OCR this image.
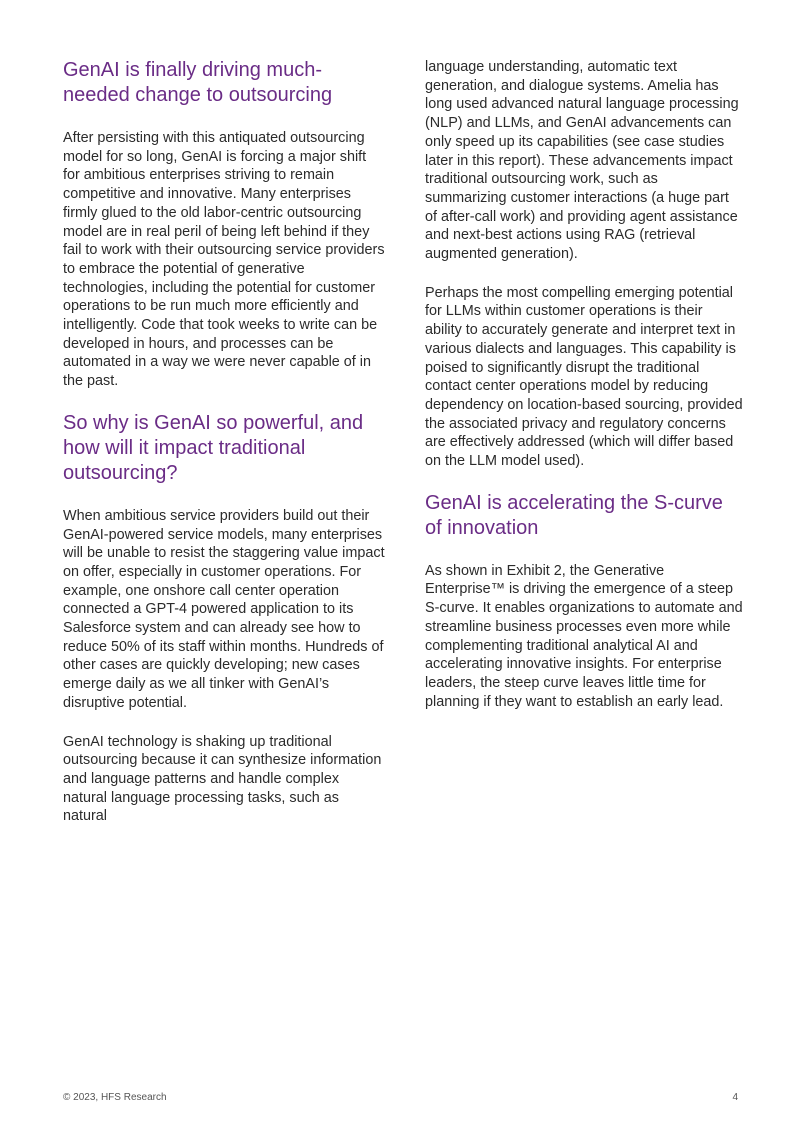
GenAI is finally driving much-needed change to outsourcing

After persisting with this antiquated outsourcing model for so long, GenAI is forcing a major shift for ambitious enterprises striving to remain competitive and innovative. Many enterprises firmly glued to the old labor-centric outsourcing model are in real peril of being left behind if they fail to work with their outsourcing service providers to embrace the potential of generative technologies, including the potential for customer operations to be run much more efficiently and intelligently. Code that took weeks to write can be developed in hours, and processes can be automated in a way we were never capable of in the past.

So why is GenAI so powerful, and how will it impact traditional outsourcing?

When ambitious service providers build out their GenAI-powered service models, many enterprises will be unable to resist the staggering value impact on offer, especially in customer operations. For example, one onshore call center operation connected a GPT-4 powered application to its Salesforce system and can already see how to reduce 50% of its staff within months. Hundreds of other cases are quickly developing; new cases emerge daily as we all tinker with GenAI’s disruptive potential.

GenAI technology is shaking up traditional outsourcing because it can synthesize information and language patterns and handle complex natural language processing tasks, such as natural

language understanding, automatic text generation, and dialogue systems. Amelia has long used advanced natural language processing (NLP) and LLMs, and GenAI advancements can only speed up its capabilities (see case studies later in this report). These advancements impact traditional outsourcing work, such as summarizing customer interactions (a huge part of after-call work) and providing agent assistance and next-best actions using RAG (retrieval augmented generation).

Perhaps the most compelling emerging potential for LLMs within customer operations is their ability to accurately generate and interpret text in various dialects and languages. This capability is poised to significantly disrupt the traditional contact center operations model by reducing dependency on location-based sourcing, provided the associated privacy and regulatory concerns are effectively addressed (which will differ based on the LLM model used).

GenAI is accelerating the S-curve of innovation

As shown in Exhibit 2, the Generative Enterprise™ is driving the emergence of a steep S-curve. It enables organizations to automate and streamline business processes even more while complementing traditional analytical AI and accelerating innovative insights. For enterprise leaders, the steep curve leaves little time for planning if they want to establish an early lead.

© 2023, HFS Research	4
